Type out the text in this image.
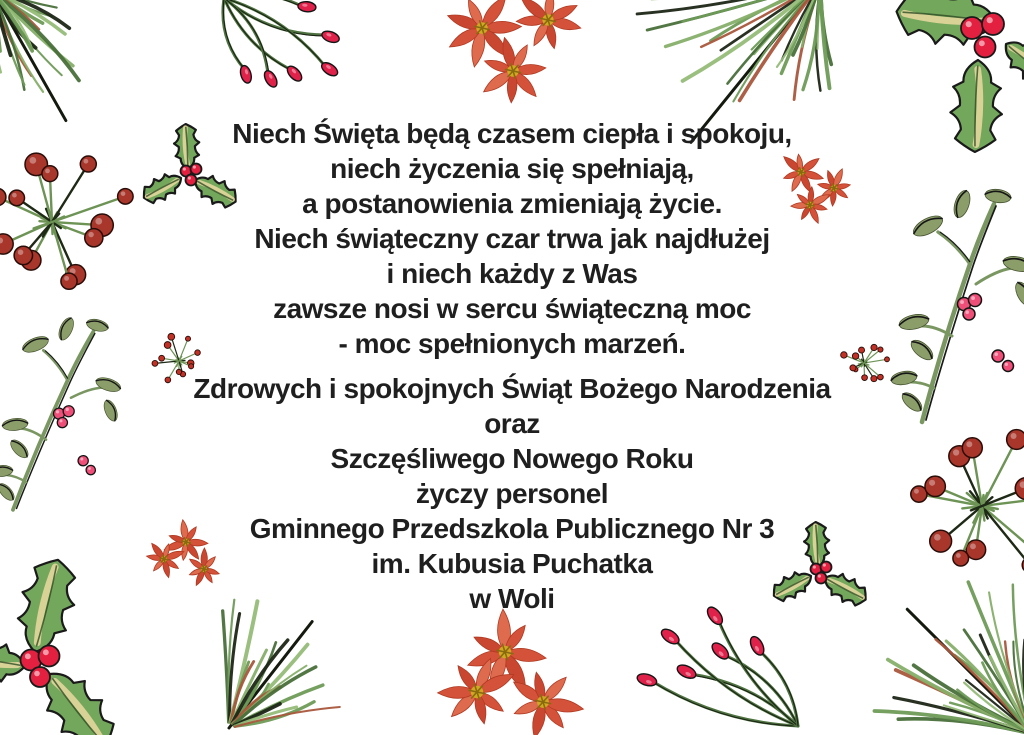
Niech Święta będą czasem ciepła i spokoju,

niech życzenia się spełniają,

a postanowienia zmieniają życie.

Niech świąteczny czar trwa jak najdłużej

i niech każdy z Was

zawsze nosi w sercu świąteczną moc

- moc spełnionych marzeń.

Zdrowych i spokojnych Świąt Bożego Narodzenia

oraz

Szczęśliwego Nowego Roku

życzy personel

Gminnego Przedszkola Publicznego Nr 3

im. Kubusia Puchatka

w Woli
